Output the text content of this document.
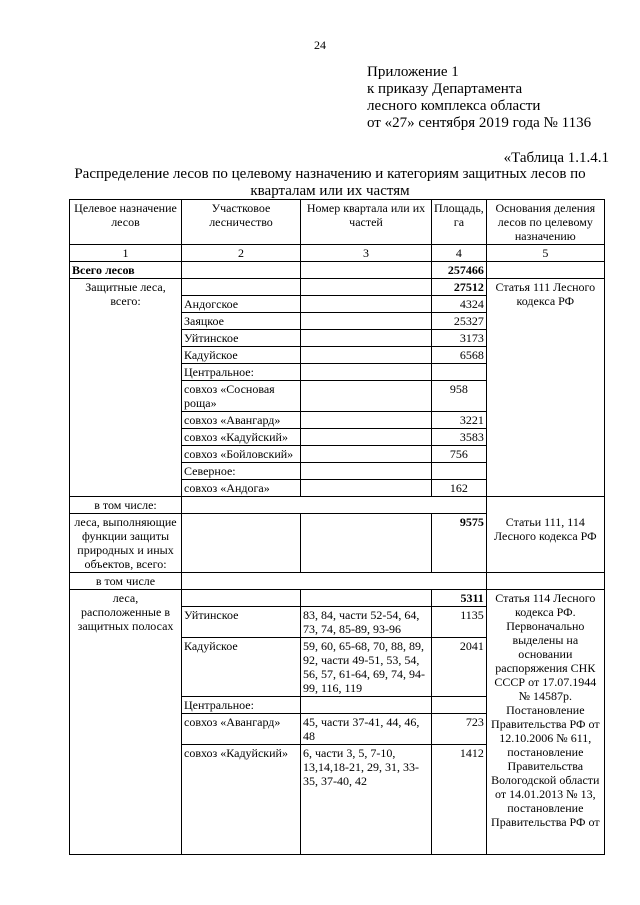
24
Приложение 1
к приказу Департамента
лесного комплекса области
от «27» сентября 2019 года № 1136
«Таблица 1.1.4.1
Распределение лесов по целевому назначению и категориям защитных лесов по кварталам или их частям
Целевое назначение лесов	Участковое лесничество	Номер квартала или их частей	Площадь, га	Основания деления лесов по целевому назначению
1	2	3	4	5
Всего лесов			257466	
Защитные леса, всего:			27512	Статья 111 Лесного кодекса РФ
	Андогское		4324	
	Заяцкое		25327	
	Уйтинское		3173	
	Кадуйское		6568	
	Центральное:			
	совхоз «Сосновая роща»		958	
	совхоз «Авангард»		3221	
	совхоз «Кадуйский»		3583	
	совхоз «Бойловский»		756	
	Северное:			
	совхоз «Андога»		162	
в том числе:				
леса, выполняющие функции защиты природных и иных объектов, всего:			9575	Статьи 111, 114 Лесного кодекса РФ
в том числе				
леса, расположенные в защитных полосах			5311	Статья 114 Лесного кодекса РФ. Первоначально выделены на основании распоряжения СНК СССР от 17.07.1944 № 14587р. Постановление Правительства РФ от 12.10.2006 № 611, постановление Правительства Вологодской области от 14.01.2013 № 13, постановление Правительства РФ от
	Уйтинское	83, 84, части 52-54, 64, 73, 74, 85-89, 93-96	1135	
	Кадуйское	59, 60, 65-68, 70, 88, 89, 92, части 49-51, 53, 54, 56, 57, 61-64, 69, 74, 94-99, 116, 119	2041	
	Центральное:			
	совхоз «Авангард»	45, части 37-41, 44, 46, 48	723	
	совхоз «Кадуйский»	6, части 3, 5, 7-10, 13,14,18-21, 29, 31, 33-35, 37-40, 42	1412	
